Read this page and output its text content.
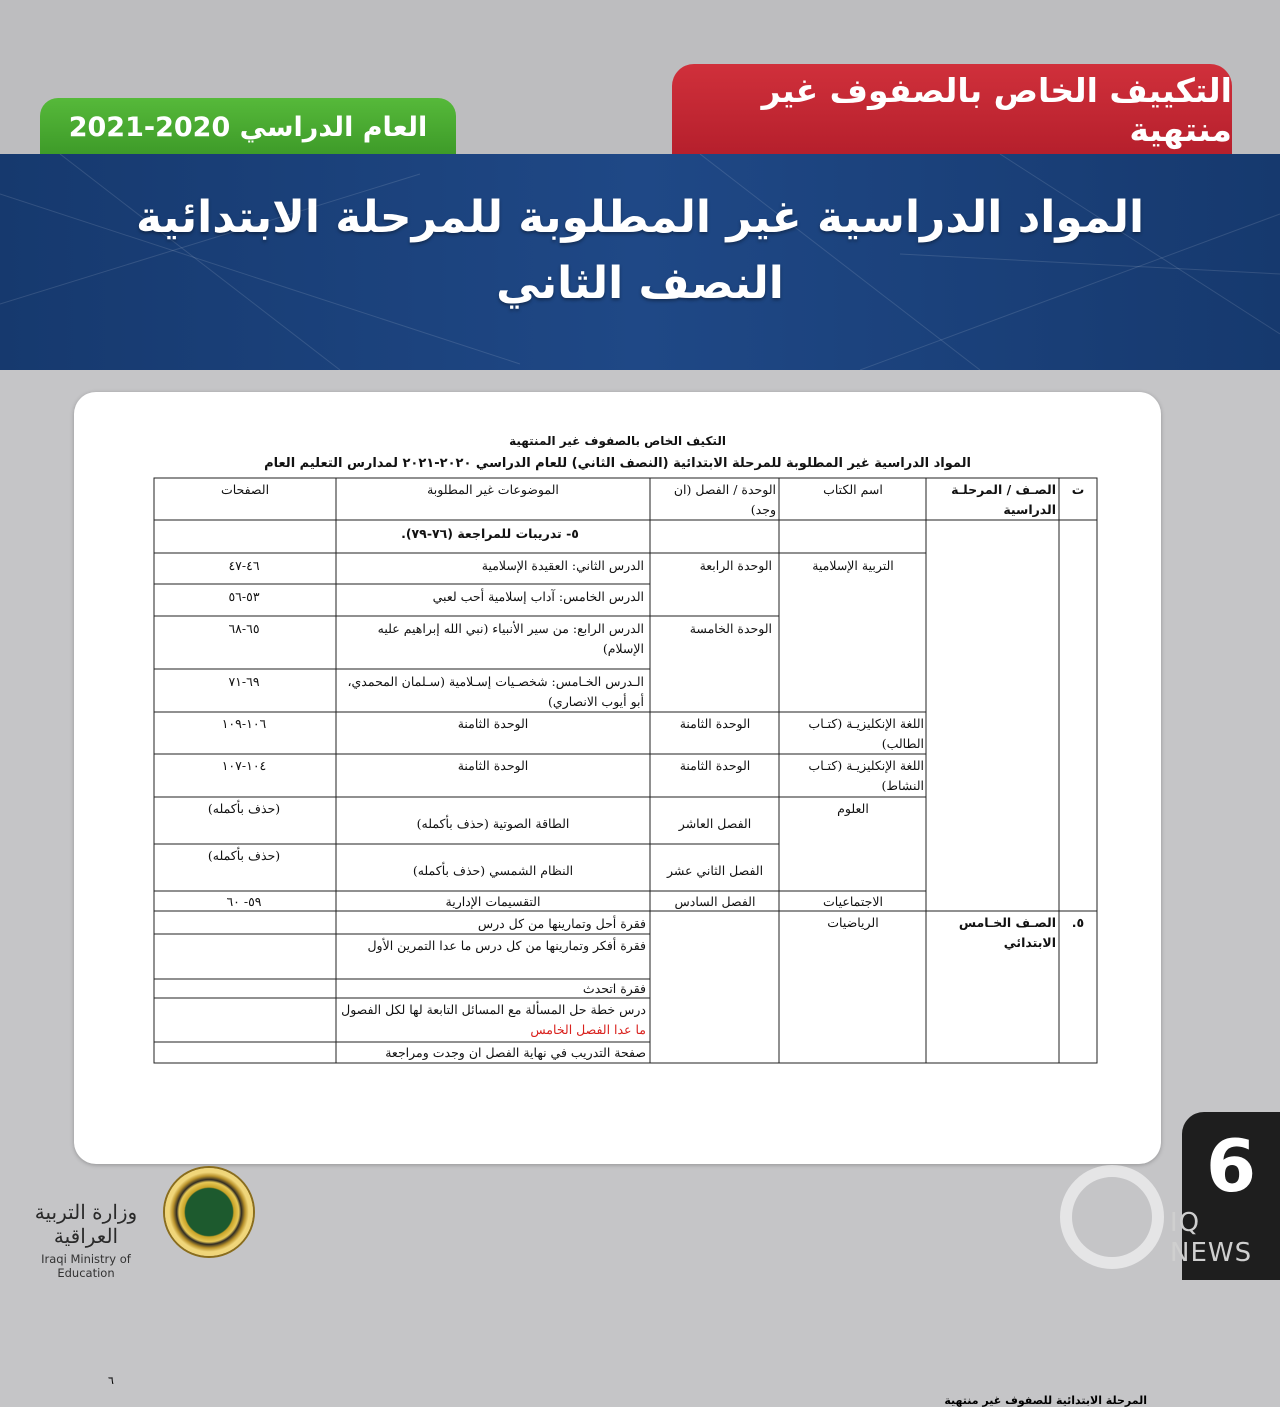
التكييف الخاص بالصفوف غير منتهية
العام الدراسي 2020-2021
المواد الدراسية غير المطلوبة للمرحلة الابتدائية
النصف الثاني
التكيف الخاص بالصفوف غير المنتهية
المواد الدراسية غير المطلوبة للمرحلة الابتدائية (النصف الثاني) للعام الدراسي ٢٠٢٠-٢٠٢١ لمدارس التعليم العام
ت
الصـف / المرحلـة الدراسية
اسم الكتاب
الوحدة / الفصل (ان وجد)
الموضوعات غير المطلوبة
الصفحات
٥- تدريبات للمراجعة (٧٦-٧٩).
التربية الإسلامية
الوحدة الرابعة
الدرس الثاني: العقيدة الإسلامية
٤٦-٤٧
الدرس الخامس: آداب إسلامية أحب لعبي
٥٣-٥٦
الوحدة الخامسة
الدرس الرابع: من سير الأنبياء (نبي الله إبراهيم عليه الإسلام)
٦٥-٦٨
الـدرس الخـامس: شخصـيات إسـلامية (سـلمان المحمدي، أبو أيوب الانصاري)
٦٩-٧١
اللغة الإنكليزيـة (كتـاب الطالب)
الوحدة الثامنة
الوحدة الثامنة
١٠٦-١٠٩
اللغة الإنكليزيـة (كتـاب النشاط)
الوحدة الثامنة
الوحدة الثامنة
١٠٤-١٠٧
العلوم
الفصل العاشر
الطاقة الصوتية (حذف بأكمله)
(حذف بأكمله)
الفصل الثاني عشر
النظام الشمسي (حذف بأكمله)
(حذف بأكمله)
الاجتماعيات
الفصل السادس
التقسيمات الإدارية
٥٩- ٦٠
٥.
الصـف الخـامس الابتدائي
الرياضيات
فقرة أحل وتمارينها من كل درس
فقرة أفكر وتمارينها من كل درس ما عدا التمرين الأول
فقرة اتحدث
درس خطة حل المسألة مع المسائل التابعة لها لكل الفصول ما عدا الفصل الخامس
صفحة التدريب في نهاية الفصل ان وجدت ومراجعة
٦
المرحلة الابتدائية للصفوف غير منتهية
وزارة التربية العراقية
Iraqi Ministry of Education
6
IQ NEWS
